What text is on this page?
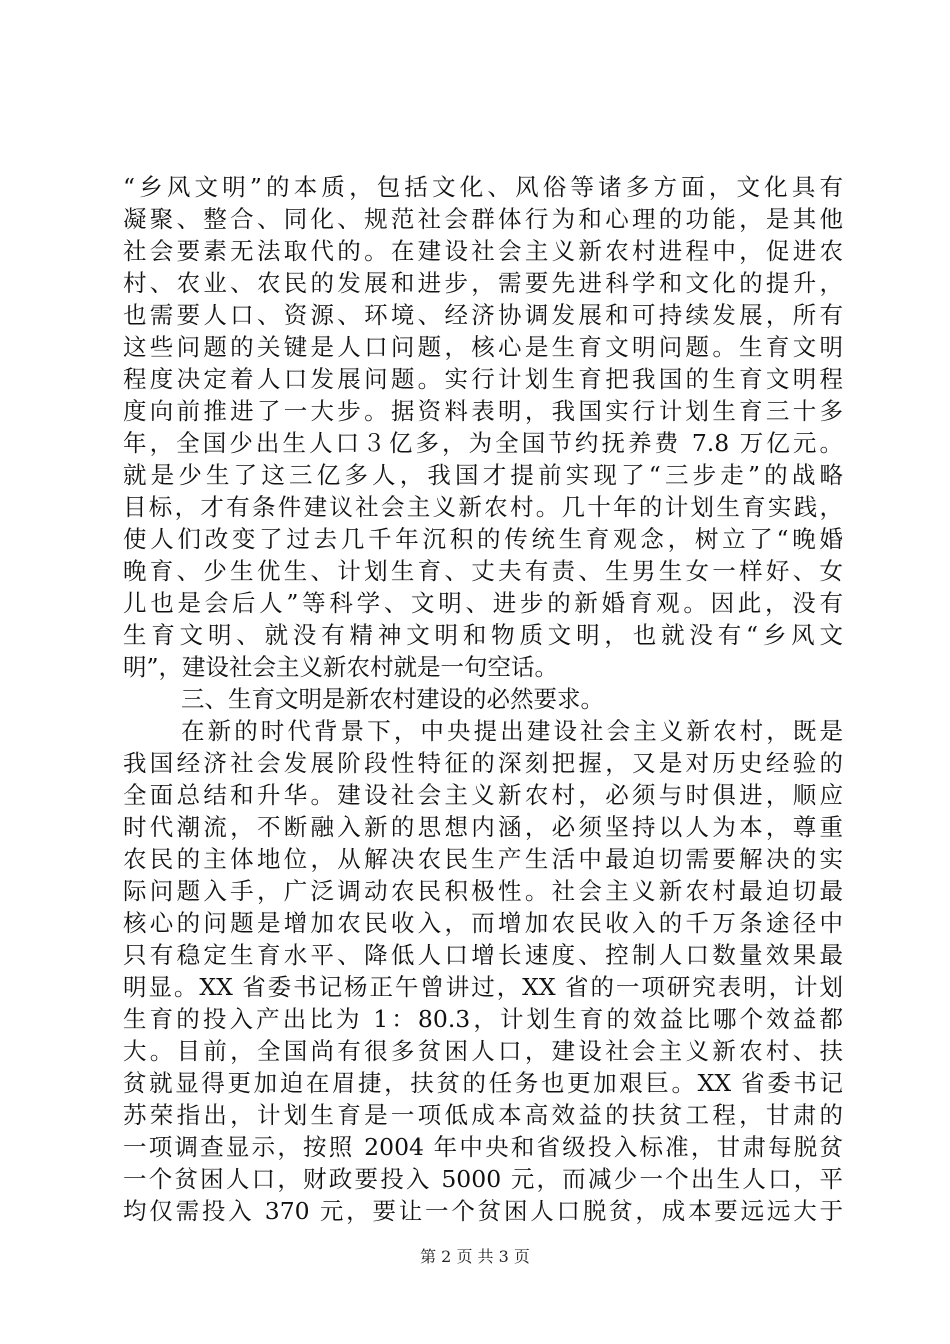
“乡风文明”的本质，包括文化、风俗等诸多方面，文化具有
凝聚、整合、同化、规范社会群体行为和心理的功能，是其他
社会要素无法取代的。在建设社会主义新农村进程中，促进农
村、农业、农民的发展和进步，需要先进科学和文化的提升，
也需要人口、资源、环境、经济协调发展和可持续发展，所有
这些问题的关键是人口问题，核心是生育文明问题。生育文明
程度决定着人口发展问题。实行计划生育把我国的生育文明程
度向前推进了一大步。据资料表明，我国实行计划生育三十多
年，全国少出生人口３亿多，为全国节约抚养费 7.8 万亿元。
就是少生了这三亿多人，我国才提前实现了“三步走”的战略
目标，才有条件建议社会主义新农村。几十年的计划生育实践，
使人们改变了过去几千年沉积的传统生育观念，树立了“晚婚
晚育、少生优生、计划生育、丈夫有责、生男生女一样好、女
儿也是会后人”等科学、文明、进步的新婚育观。因此，没有
生育文明、就没有精神文明和物质文明，也就没有“乡风文
明”，建设社会主义新农村就是一句空话。
三、生育文明是新农村建设的必然要求。
在新的时代背景下，中央提出建设社会主义新农村，既是
我国经济社会发展阶段性特征的深刻把握，又是对历史经验的
全面总结和升华。建设社会主义新农村，必须与时俱进，顺应
时代潮流，不断融入新的思想内涵，必须坚持以人为本，尊重
农民的主体地位，从解决农民生产生活中最迫切需要解决的实
际问题入手，广泛调动农民积极性。社会主义新农村最迫切最
核心的问题是增加农民收入，而增加农民收入的千万条途径中
只有稳定生育水平、降低人口增长速度、控制人口数量效果最
明显。XX 省委书记杨正午曾讲过，XX 省的一项研究表明，计划
生育的投入产出比为 1：80.3，计划生育的效益比哪个效益都
大。目前，全国尚有很多贫困人口，建设社会主义新农村、扶
贫就显得更加迫在眉捷，扶贫的任务也更加艰巨。XX 省委书记
苏荣指出，计划生育是一项低成本高效益的扶贫工程，甘肃的
一项调查显示，按照 2004 年中央和省级投入标准，甘肃每脱贫
一个贫困人口，财政要投入 5000 元，而减少一个出生人口，平
均仅需投入 370 元，要让一个贫困人口脱贫，成本要远远大于
第 2 页 共 3 页
